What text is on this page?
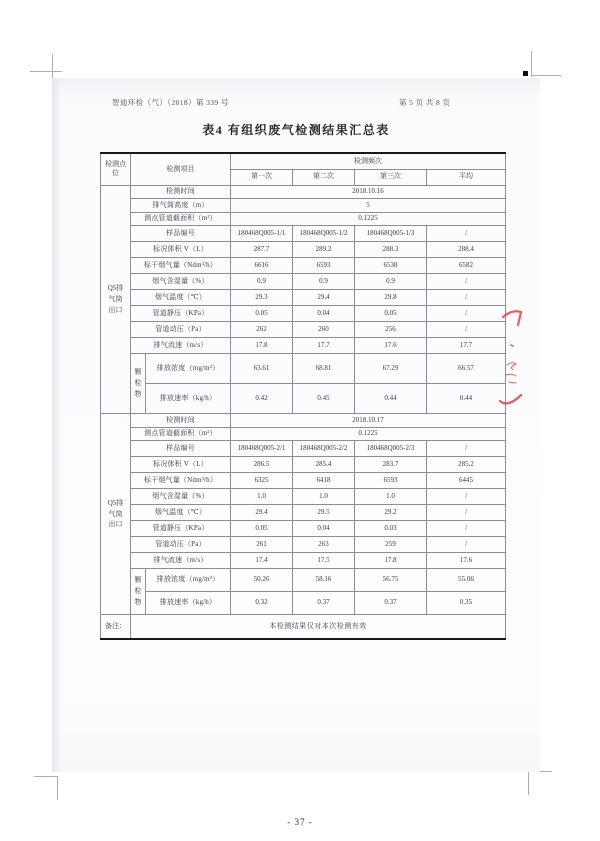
智迪环检（气）（2018）第 339 号	第 5 页 共 8 页
表4 有组织废气检测结果汇总表
检测点位	检测项目		检测频次			
			第一次	第二次	第三次	平均

Q5排
气筒
出口	检测时间		2018.10.16			
	排气筒高度（m）		5			
	测点管道截面积（m²）		0.1225			
	样品编号		180468Q005-1/1	180468Q005-1/2	180468Q005-1/3	/
	标况体积 V（L）		287.7	289.2	288.3	288.4
	标干烟气量（Ndm³/h）		6616	6593	6538	6582
	烟气含湿量（%）		0.9	0.9	0.9	/
	烟气温度（℃）		29.3	29.4	29.8	/
	管道静压（KPa）		0.05	0.04	0.05	/
	管道动压（Pa）		262	260	256	/
	排气流速（m/s）		17.8	17.7	17.6	17.7

	颗
粒
物	排放浓度（mg/m³）	63.61	68.81	67.29	66.57
		排放速率（kg/h）	0.42	0.45	0.44	0.44

Q5排
气筒
出口	检测时间		2018.10.17			
	测点管道截面积（m²）		0.1225			
	样品编号		180468Q005-2/1	180468Q005-2/2	180468Q005-2/3	/
	标况体积 V（L）		286.5	285.4	283.7	285.2
	标干烟气量（Ndm³/h）		6325	6418	6593	6445
	烟气含湿量（%）		1.0	1.0	1.0	/
	烟气温度（℃）		29.4	29.5	29.2	/
	管道静压（KPa）		0.05	0.04	0.03	/
	管道动压（Pa）		261	263	259	/
	排气流速（m/s）		17.4	17.5	17.8	17.6

	颗
粒
物	排放浓度（mg/m³）	50.26	58.16	56.75	55.06
		排放速率（kg/h）	0.32	0.37	0.37	0.35
备注：	本检测结果仅对本次检测有效					
- 37 -
